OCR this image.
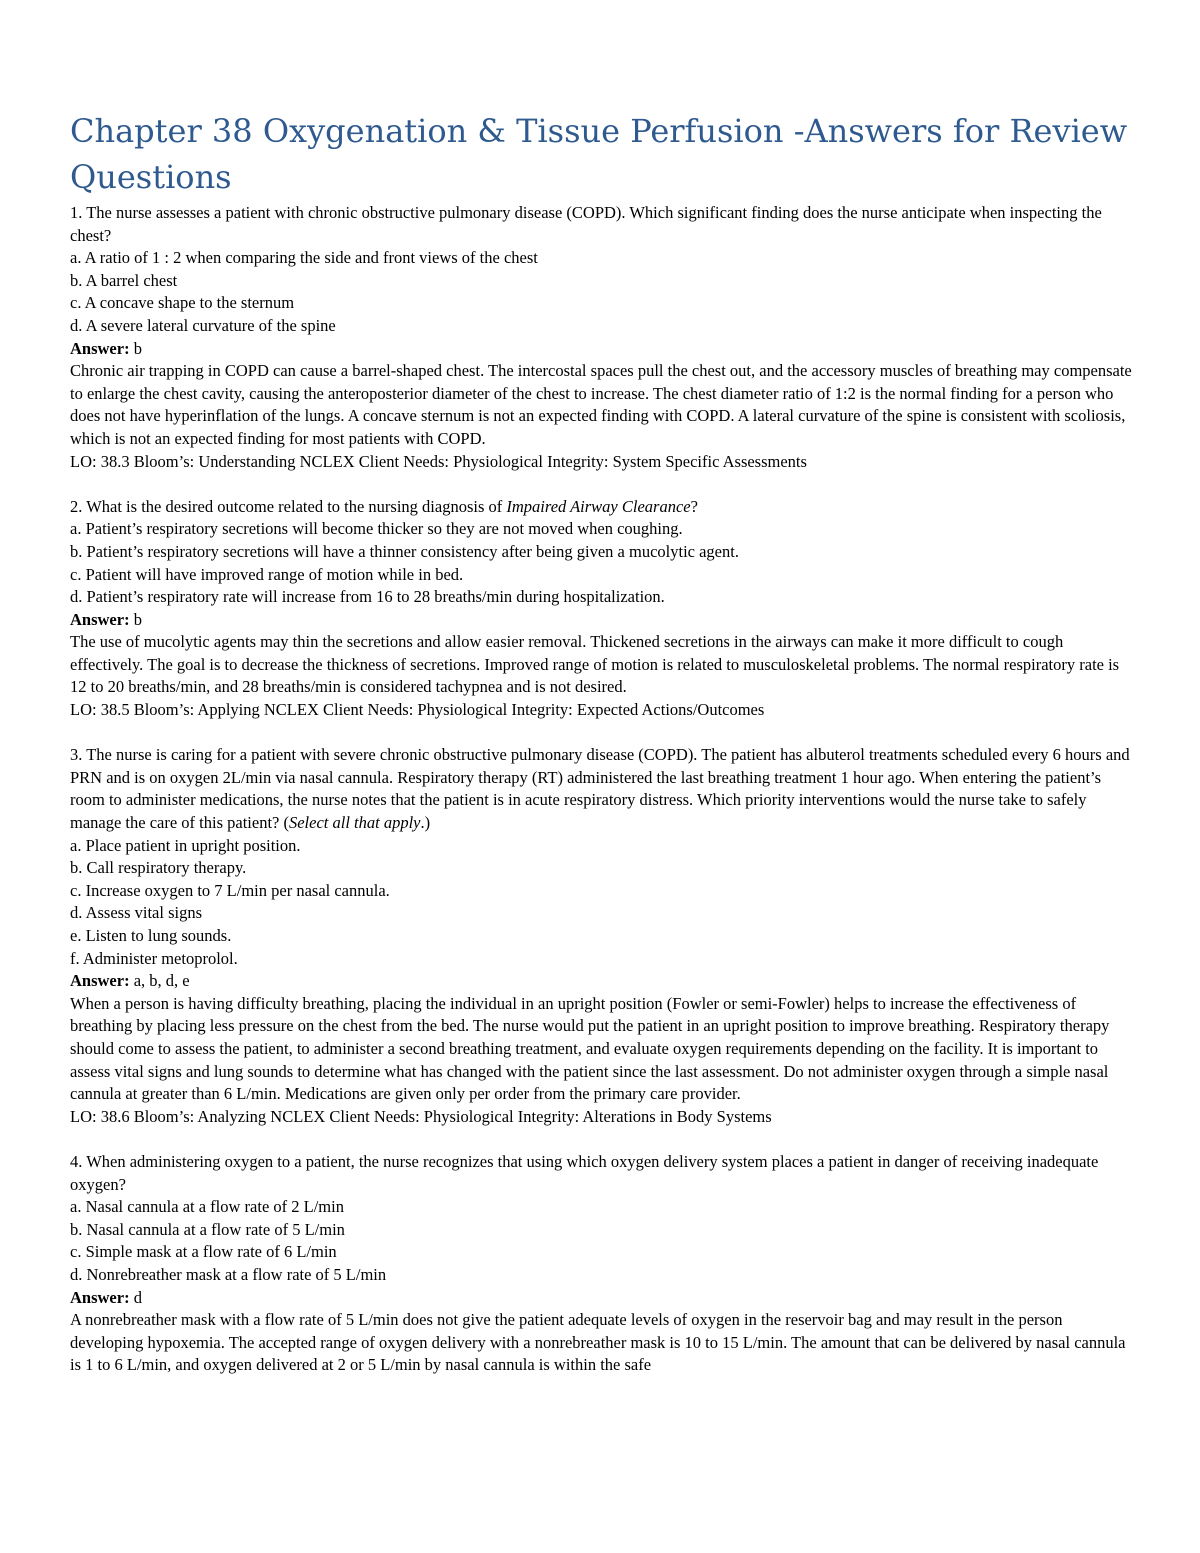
Chapter 38 Oxygenation & Tissue Perfusion -Answers for Review Questions
1. The nurse assesses a patient with chronic obstructive pulmonary disease (COPD). Which significant finding does the nurse anticipate when inspecting the chest?
a. A ratio of 1 : 2 when comparing the side and front views of the chest
b. A barrel chest
c. A concave shape to the sternum
d. A severe lateral curvature of the spine
Answer: b
Chronic air trapping in COPD can cause a barrel-shaped chest. The intercostal spaces pull the chest out, and the accessory muscles of breathing may compensate to enlarge the chest cavity, causing the anteroposterior diameter of the chest to increase. The chest diameter ratio of 1:2 is the normal finding for a person who does not have hyperinflation of the lungs. A concave sternum is not an expected finding with COPD. A lateral curvature of the spine is consistent with scoliosis, which is not an expected finding for most patients with COPD.
LO: 38.3 Bloom’s: Understanding NCLEX Client Needs: Physiological Integrity: System Specific Assessments
2. What is the desired outcome related to the nursing diagnosis of Impaired Airway Clearance?
a. Patient’s respiratory secretions will become thicker so they are not moved when coughing.
b. Patient’s respiratory secretions will have a thinner consistency after being given a mucolytic agent.
c. Patient will have improved range of motion while in bed.
d. Patient’s respiratory rate will increase from 16 to 28 breaths/min during hospitalization.
Answer: b
The use of mucolytic agents may thin the secretions and allow easier removal. Thickened secretions in the airways can make it more difficult to cough effectively. The goal is to decrease the thickness of secretions. Improved range of motion is related to musculoskeletal problems. The normal respiratory rate is 12 to 20 breaths/min, and 28 breaths/min is considered tachypnea and is not desired.
LO: 38.5 Bloom’s: Applying NCLEX Client Needs: Physiological Integrity: Expected Actions/Outcomes
3. The nurse is caring for a patient with severe chronic obstructive pulmonary disease (COPD). The patient has albuterol treatments scheduled every 6 hours and PRN and is on oxygen 2L/min via nasal cannula. Respiratory therapy (RT) administered the last breathing treatment 1 hour ago. When entering the patient’s room to administer medications, the nurse notes that the patient is in acute respiratory distress. Which priority interventions would the nurse take to safely manage the care of this patient? (Select all that apply.)
a. Place patient in upright position.
b. Call respiratory therapy.
c. Increase oxygen to 7 L/min per nasal cannula.
d. Assess vital signs
e. Listen to lung sounds.
f. Administer metoprolol.
Answer: a, b, d, e
When a person is having difficulty breathing, placing the individual in an upright position (Fowler or semi-Fowler) helps to increase the effectiveness of breathing by placing less pressure on the chest from the bed. The nurse would put the patient in an upright position to improve breathing. Respiratory therapy should come to assess the patient, to administer a second breathing treatment, and evaluate oxygen requirements depending on the facility. It is important to assess vital signs and lung sounds to determine what has changed with the patient since the last assessment. Do not administer oxygen through a simple nasal cannula at greater than 6 L/min. Medications are given only per order from the primary care provider.
LO: 38.6 Bloom’s: Analyzing NCLEX Client Needs: Physiological Integrity: Alterations in Body Systems
4. When administering oxygen to a patient, the nurse recognizes that using which oxygen delivery system places a patient in danger of receiving inadequate oxygen?
a. Nasal cannula at a flow rate of 2 L/min
b. Nasal cannula at a flow rate of 5 L/min
c. Simple mask at a flow rate of 6 L/min
d. Nonrebreather mask at a flow rate of 5 L/min
Answer: d
A nonrebreather mask with a flow rate of 5 L/min does not give the patient adequate levels of oxygen in the reservoir bag and may result in the person developing hypoxemia. The accepted range of oxygen delivery with a nonrebreather mask is 10 to 15 L/min. The amount that can be delivered by nasal cannula is 1 to 6 L/min, and oxygen delivered at 2 or 5 L/min by nasal cannula is within the safe
